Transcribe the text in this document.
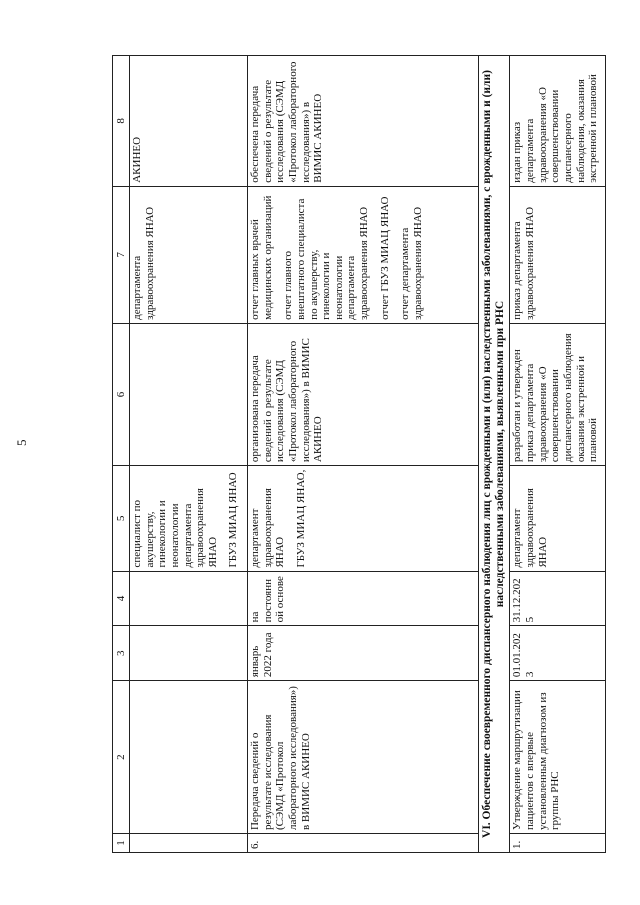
5
1	2	3	4	5	6	7	8

				специалист по акушерству, гинекологии и неонатологии департамента здравоохранения ЯНАО ГБУЗ МИАЦ ЯНАО		департамента здравоохранения ЯНАО	АКИНЕО
6.	Передача сведений о результате исследования (СЭМД «Протокол лабораторного исследования») в ВИМИС АКИНЕО	январь 2022 года	на постоянной основе	департамент здравоохранения ЯНАО ГБУЗ МИАЦ ЯНАО,	организована передача сведений о результате исследования (СЭМД «Протокол лабораторного исследования») в ВИМИС АКИНЕО	отчет главных врачей медицинских организаций отчет главного внештатного специалиста по акушерству, гинекологии и неонатологии департамента здравоохранения ЯНАО отчет ГБУЗ МИАЦ ЯНАО отчет департамента здравоохранения ЯНАО	обеспечена передача сведений о результате исследования (СЭМД «Протокол лабораторного исследования») в ВИМИС АКИНЕО
VI. Обеспечение своевременного диспансерного наблюдения лиц с врожденными и (или) наследственными заболеваниями, с врожденными и (или) наследственными заболеваниями, выявленными при РНС							
1.	Утверждение маршрутизации пациентов с впервые установленным диагнозом из группы РНС	01.01.2023	31.12.2025	департамент здравоохранения ЯНАО	разработан и утвержден приказ департамента здравоохранения «О совершенствовании диспансерного наблюдения оказания экстренной и плановой	приказ департамента здравоохранения ЯНАО	издан приказ департамента здравоохранения «О совершенствовании диспансерного наблюдения, оказания экстренной и плановой
